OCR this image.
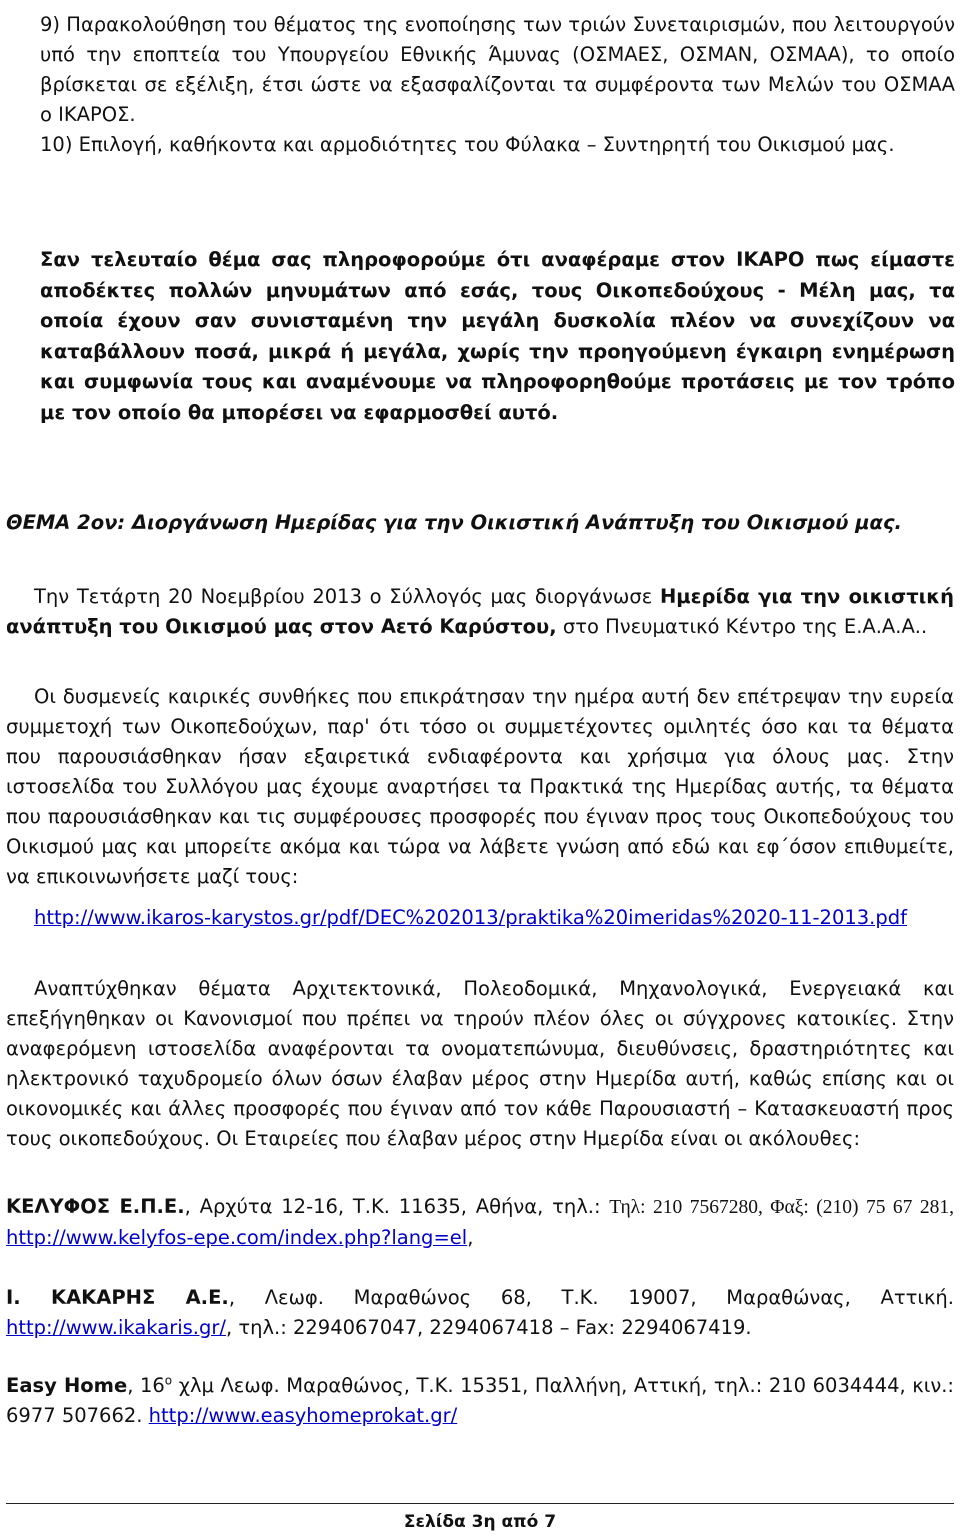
9) Παρακολούθηση του θέματος της ενοποίησης των τριών Συνεταιρισμών, που λειτουργούν υπό την εποπτεία του Υπουργείου Εθνικής Άμυνας (ΟΣΜΑΕΣ, ΟΣΜΑΝ, ΟΣΜΑΑ), το οποίο βρίσκεται σε εξέλιξη, έτσι ώστε να εξασφαλίζονται τα συμφέροντα των Μελών του ΟΣΜΑΑ ο ΙΚΑΡΟΣ.

10) Επιλογή, καθήκοντα και αρμοδιότητες του Φύλακα – Συντηρητή του Οικισμού μας.

Σαν τελευταίο θέμα σας πληροφορούμε ότι αναφέραμε στον ΙΚΑΡΟ πως είμαστε αποδέκτες πολλών μηνυμάτων από εσάς, τους Οικοπεδούχους - Μέλη μας, τα οποία έχουν σαν συνισταμένη την μεγάλη δυσκολία πλέον να συνεχίζουν να καταβάλλουν ποσά, μικρά ή μεγάλα, χωρίς την προηγούμενη έγκαιρη ενημέρωση και συμφωνία τους και αναμένουμε να πληροφορηθούμε προτάσεις με τον τρόπο με τον οποίο θα μπορέσει να εφαρμοσθεί αυτό.

ΘΕΜΑ 2ον: Διοργάνωση Ημερίδας για την Οικιστική Ανάπτυξη του Οικισμού μας.

Την Τετάρτη 20 Νοεμβρίου 2013 ο Σύλλογός μας διοργάνωσε Ημερίδα για την οικιστική ανάπτυξη του Οικισμού μας στον Αετό Καρύστου, στο Πνευματικό Κέντρο της Ε.Α.Α.Α..

Οι δυσμενείς καιρικές συνθήκες που επικράτησαν την ημέρα αυτή δεν επέτρεψαν την ευρεία συμμετοχή των Οικοπεδούχων, παρ' ότι τόσο οι συμμετέχοντες ομιλητές όσο και τα θέματα που παρουσιάσθηκαν ήσαν εξαιρετικά ενδιαφέροντα και χρήσιμα για όλους μας. Στην ιστοσελίδα του Συλλόγου μας έχουμε αναρτήσει τα Πρακτικά της Ημερίδας αυτής, τα θέματα που παρουσιάσθηκαν και τις συμφέρουσες προσφορές που έγιναν προς τους Οικοπεδούχους του Οικισμού μας και μπορείτε ακόμα και τώρα να λάβετε γνώση από εδώ και εφ΄όσον επιθυμείτε, να επικοινωνήσετε μαζί τους:

http://www.ikaros-karystos.gr/pdf/DEC%202013/praktika%20imeridas%2020-11-2013.pdf

Αναπτύχθηκαν θέματα Αρχιτεκτονικά, Πολεοδομικά, Μηχανολογικά, Ενεργειακά και επεξήγηθηκαν οι Κανονισμοί που πρέπει να τηρούν πλέον όλες οι σύγχρονες κατοικίες. Στην αναφερόμενη ιστοσελίδα αναφέρονται τα ονοματεπώνυμα, διευθύνσεις, δραστηριότητες και ηλεκτρονικό ταχυδρομείο όλων όσων έλαβαν μέρος στην Ημερίδα αυτή, καθώς επίσης και οι οικονομικές και άλλες προσφορές που έγιναν από τον κάθε Παρουσιαστή – Κατασκευαστή προς τους οικοπεδούχους. Οι Εταιρείες που έλαβαν μέρος στην Ημερίδα είναι οι ακόλουθες:

ΚΕΛΥΦΟΣ Ε.Π.Ε., Αρχύτα 12-16, Τ.Κ. 11635, Αθήνα, τηλ.: Τηλ: 210 7567280, Φαξ: (210) 75 67 281, http://www.kelyfos-epe.com/index.php?lang=el,

Ι. ΚΑΚΑΡΗΣ Α.Ε., Λεωφ. Μαραθώνος 68, Τ.Κ. 19007, Μαραθώνας, Αττική. http://www.ikakaris.gr/, τηλ.: 2294067047, 2294067418 – Fax: 2294067419.

Easy Home, $16^o$ χλμ Λεωφ. Μαραθώνος, Τ.Κ. 15351, Παλλήνη, Αττική, τηλ.: 210 6034444, κιν.: 6977 507662. http://www.easyhomeprokat.gr/

Σελίδα 3η από 7
